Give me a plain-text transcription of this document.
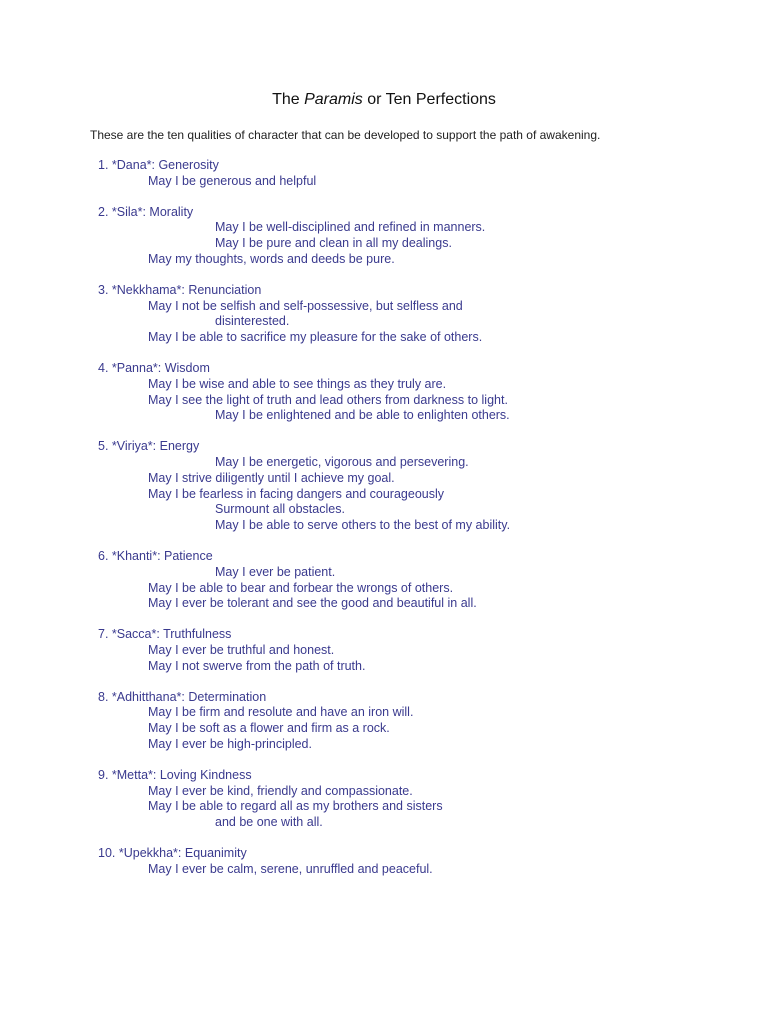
The Paramis or Ten Perfections

These are the ten qualities of character that can be developed to support the path of awakening.

1. *Dana*: Generosity
May I be generous and helpful
2. *Sila*: Morality
May I be well-disciplined and refined in manners.
May I be pure and clean in all my dealings.
May my thoughts, words and deeds be pure.
3. *Nekkhama*: Renunciation
May I not be selfish and self-possessive, but selfless and
disinterested.
May I be able to sacrifice my pleasure for the sake of others.
4. *Panna*: Wisdom
May I be wise and able to see things as they truly are.
May I see the light of truth and lead others from darkness to light.
May I be enlightened and be able to enlighten others.
5. *Viriya*: Energy
May I be energetic, vigorous and persevering.
May I strive diligently until I achieve my goal.
May I be fearless in facing dangers and courageously
Surmount all obstacles.
May I be able to serve others to the best of my ability.
6. *Khanti*: Patience
May I ever be patient.
May I be able to bear and forbear the wrongs of others.
May I ever be tolerant and see the good and beautiful in all.
7. *Sacca*: Truthfulness
May I ever be truthful and honest.
May I not swerve from the path of truth.
8. *Adhitthana*: Determination
May I be firm and resolute and have an iron will.
May I be soft as a flower and firm as a rock.
May I ever be high-principled.
9. *Metta*: Loving Kindness
May I ever be kind, friendly and compassionate.
May I be able to regard all as my brothers and sisters
and be one with all.
10. *Upekkha*: Equanimity
May I ever be calm, serene, unruffled and peaceful.
